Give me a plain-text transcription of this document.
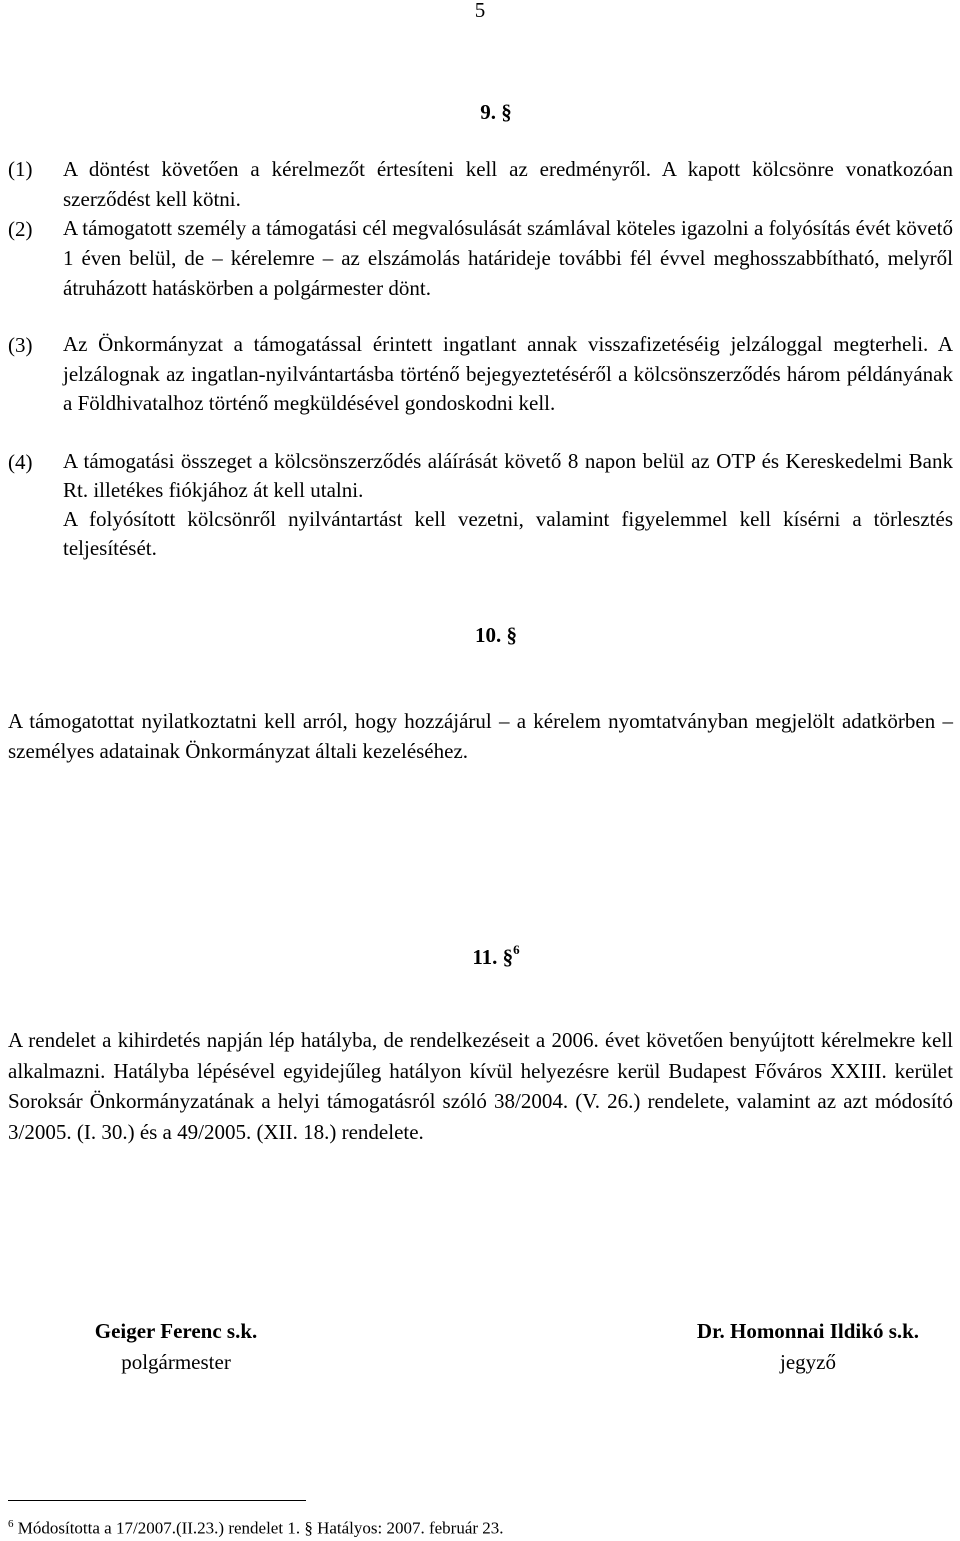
5
9. §
(1) A döntést követően a kérelmezőt értesíteni kell az eredményről. A kapott kölcsönre vonatkozóan szerződést kell kötni.
(2) A támogatott személy a támogatási cél megvalósulását számlával köteles igazolni a folyósítás évét követő 1 éven belül, de – kérelemre – az elszámolás határideje további fél évvel meghosszabbítható, melyről átruházott hatáskörben a polgármester dönt.
(3) Az Önkormányzat a támogatással érintett ingatlant annak visszafizetéséig jelzáloggal megterheli. A jelzálognak az ingatlan-nyilvántartásba történő bejegyeztetéséről a kölcsönszerződés három példányának a Földhivatalhoz történő megküldésével gondoskodni kell.
(4) A támogatási összeget a kölcsönszerződés aláírását követő 8 napon belül az OTP és Kereskedelmi Bank Rt. illetékes fiókjához át kell utalni.
A folyósított kölcsönről nyilvántartást kell vezetni, valamint figyelemmel kell kísérni a törlesztés teljesítését.
10. §
A támogatottat nyilatkoztatni kell arról, hogy hozzájárul – a kérelem nyomtatványban megjelölt adatkörben – személyes adatainak Önkormányzat általi kezeléséhez.
11. §$^6$
A rendelet a kihirdetés napján lép hatályba, de rendelkezéseit a 2006. évet követően benyújtott kérelmekre kell alkalmazni. Hatályba lépésével egyidejűleg hatályon kívül helyezésre kerül Budapest Főváros XXIII. kerület Soroksár Önkormányzatának a helyi támogatásról szóló 38/2004. (V. 26.) rendelete, valamint az azt módosító 3/2005. (I. 30.) és a 49/2005. (XII. 18.) rendelete.
Geiger Ferenc s.k.
polgármester
Dr. Homonnai Ildikó s.k.
jegyző
$^6$ Módosította a 17/2007.(II.23.) rendelet 1. § Hatályos: 2007. február 23.
